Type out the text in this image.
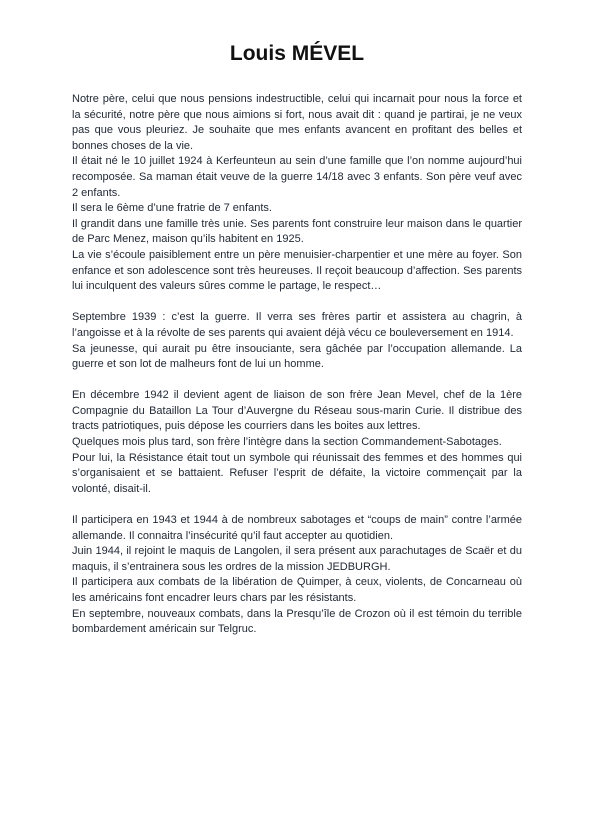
Louis MÉVEL

Notre père, celui que nous pensions indestructible, celui qui incarnait pour nous la force et la sécurité, notre père que nous aimions si fort, nous avait dit : quand je partirai, je ne veux pas que vous pleuriez. Je souhaite que mes enfants avancent en profitant des belles et bonnes choses de la vie.

Il était né le 10 juillet 1924 à Kerfeunteun au sein d’une famille que l’on nomme aujourd’hui recomposée. Sa maman était veuve de la guerre 14/18 avec 3 enfants. Son père veuf avec 2 enfants.

Il sera le 6ème d’une fratrie de 7 enfants.

Il grandit dans une famille très unie. Ses parents font construire leur maison dans le quartier de Parc Menez, maison qu’ils habitent en 1925.

La vie s’écoule paisiblement entre un père menuisier-charpentier et une mère au foyer. Son enfance et son adolescence sont très heureuses. Il reçoit beaucoup d’affection. Ses parents lui inculquent des valeurs sûres comme le partage, le respect…

Septembre 1939 : c’est la guerre. Il verra ses frères partir et assistera au chagrin, à l’angoisse et à la révolte de ses parents qui avaient déjà vécu ce bouleversement en 1914.

Sa jeunesse, qui aurait pu être insouciante, sera gâchée par l’occupation allemande. La guerre et son lot de malheurs font de lui un homme.

En décembre 1942 il devient agent de liaison de son frère Jean Mevel, chef de la 1ère Compagnie du Bataillon La Tour d’Auvergne du Réseau sous-marin Curie. Il distribue des tracts patriotiques, puis dépose les courriers dans les boites aux lettres.

Quelques mois plus tard, son frère l’intègre dans la section Commandement-Sabotages.

Pour lui, la Résistance était tout un symbole qui réunissait des femmes et des hommes qui s’organisaient et se battaient. Refuser l’esprit de défaite, la victoire commençait par la volonté, disait-il.

Il participera en 1943 et 1944 à de nombreux sabotages et “coups de main” contre l’armée allemande. Il connaitra l’insécurité qu’il faut accepter au quotidien.

Juin 1944, il rejoint le maquis de Langolen, il sera présent aux parachutages de Scaër et du maquis, il s’entrainera sous les ordres de la mission JEDBURGH.

Il participera aux combats de la libération de Quimper, à ceux, violents, de Concarneau où les américains font encadrer leurs chars par les résistants.

En septembre, nouveaux combats, dans la Presqu’île de Crozon où il est témoin du terrible bombardement américain sur Telgruc.
